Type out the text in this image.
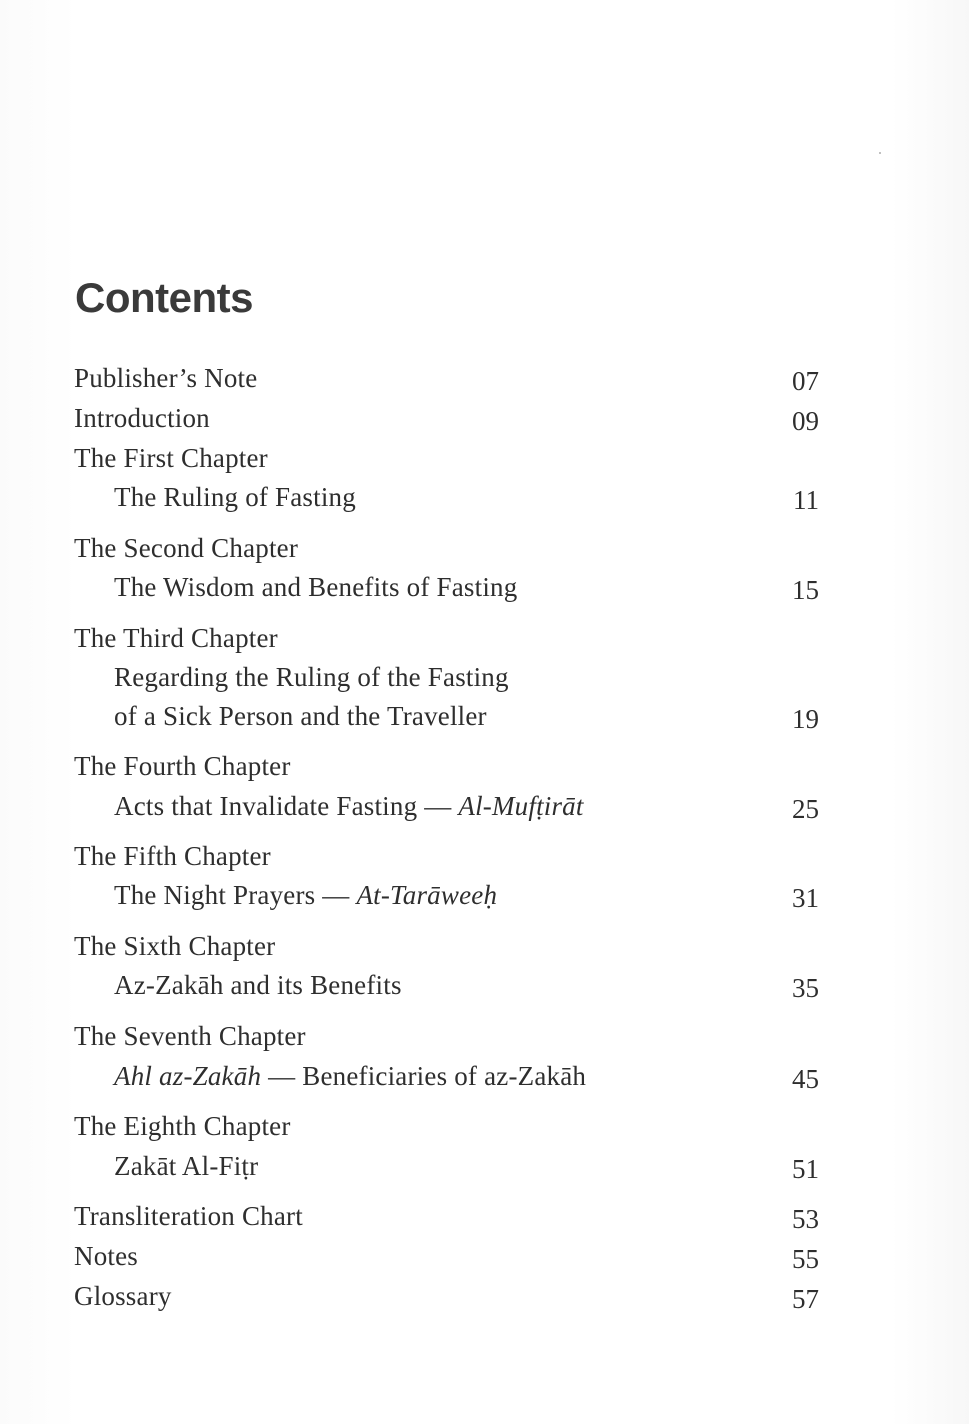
Contents
Publisher’s Note	07
Introduction	09
The First Chapter
The Ruling of Fasting	11
The Second Chapter
The Wisdom and Benefits of Fasting	15
The Third Chapter
Regarding the Ruling of the Fasting
of a Sick Person and the Traveller	19
The Fourth Chapter
Acts that Invalidate Fasting — Al-Mufṭirāt	25
The Fifth Chapter
The Night Prayers — At-Tarāweeḥ	31
The Sixth Chapter
Az-Zakāh and its Benefits	35
The Seventh Chapter
Ahl az-Zakāh — Beneficiaries of az-Zakāh	45
The Eighth Chapter
Zakāt Al-Fiṭr	51
Transliteration Chart	53
Notes	55
Glossary	57
